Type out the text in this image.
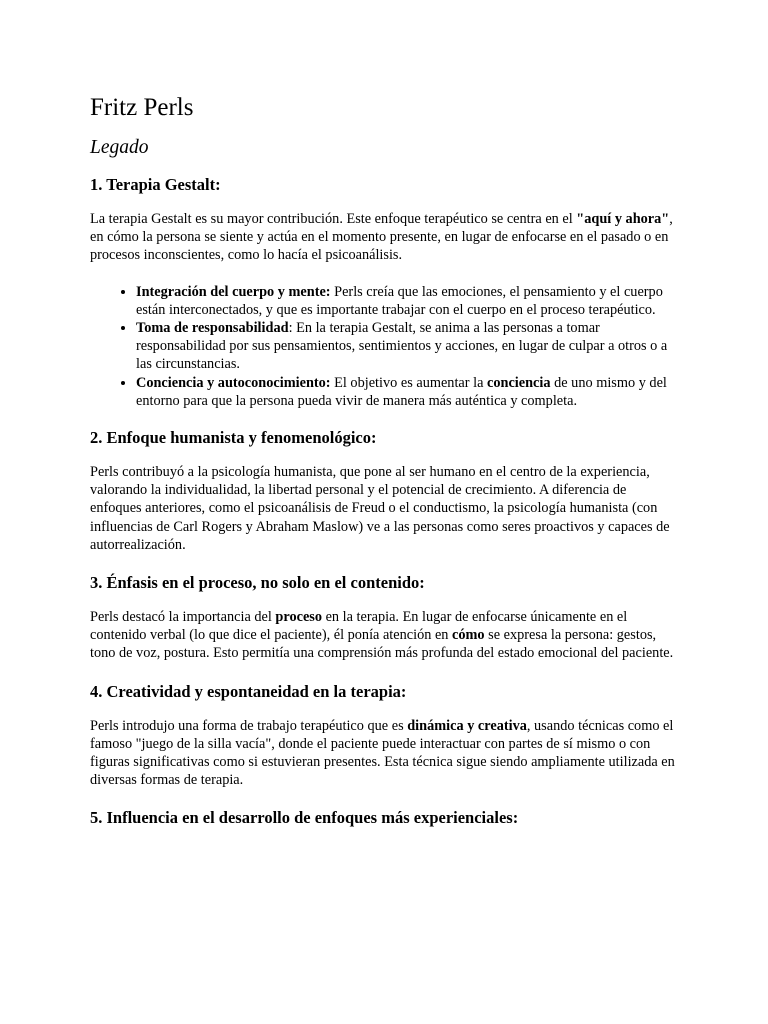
Fritz Perls
Legado
1. Terapia Gestalt:

La terapia Gestalt es su mayor contribución. Este enfoque terapéutico se centra en el "aquí y ahora", en cómo la persona se siente y actúa en el momento presente, en lugar de enfocarse en el pasado o en procesos inconscientes, como lo hacía el psicoanálisis.

• Integración del cuerpo y mente: Perls creía que las emociones, el pensamiento y el cuerpo están interconectados, y que es importante trabajar con el cuerpo en el proceso terapéutico.
• Toma de responsabilidad: En la terapia Gestalt, se anima a las personas a tomar responsabilidad por sus pensamientos, sentimientos y acciones, en lugar de culpar a otros o a las circunstancias.
• Conciencia y autoconocimiento: El objetivo es aumentar la conciencia de uno mismo y del entorno para que la persona pueda vivir de manera más auténtica y completa.
2. Enfoque humanista y fenomenológico:

Perls contribuyó a la psicología humanista, que pone al ser humano en el centro de la experiencia, valorando la individualidad, la libertad personal y el potencial de crecimiento. A diferencia de enfoques anteriores, como el psicoanálisis de Freud o el conductismo, la psicología humanista (con influencias de Carl Rogers y Abraham Maslow) ve a las personas como seres proactivos y capaces de autorrealización.

3. Énfasis en el proceso, no solo en el contenido:

Perls destacó la importancia del proceso en la terapia. En lugar de enfocarse únicamente en el contenido verbal (lo que dice el paciente), él ponía atención en cómo se expresa la persona: gestos, tono de voz, postura. Esto permitía una comprensión más profunda del estado emocional del paciente.

4. Creatividad y espontaneidad en la terapia:

Perls introdujo una forma de trabajo terapéutico que es dinámica y creativa, usando técnicas como el famoso "juego de la silla vacía", donde el paciente puede interactuar con partes de sí mismo o con figuras significativas como si estuvieran presentes. Esta técnica sigue siendo ampliamente utilizada en diversas formas de terapia.

5. Influencia en el desarrollo de enfoques más experienciales:
